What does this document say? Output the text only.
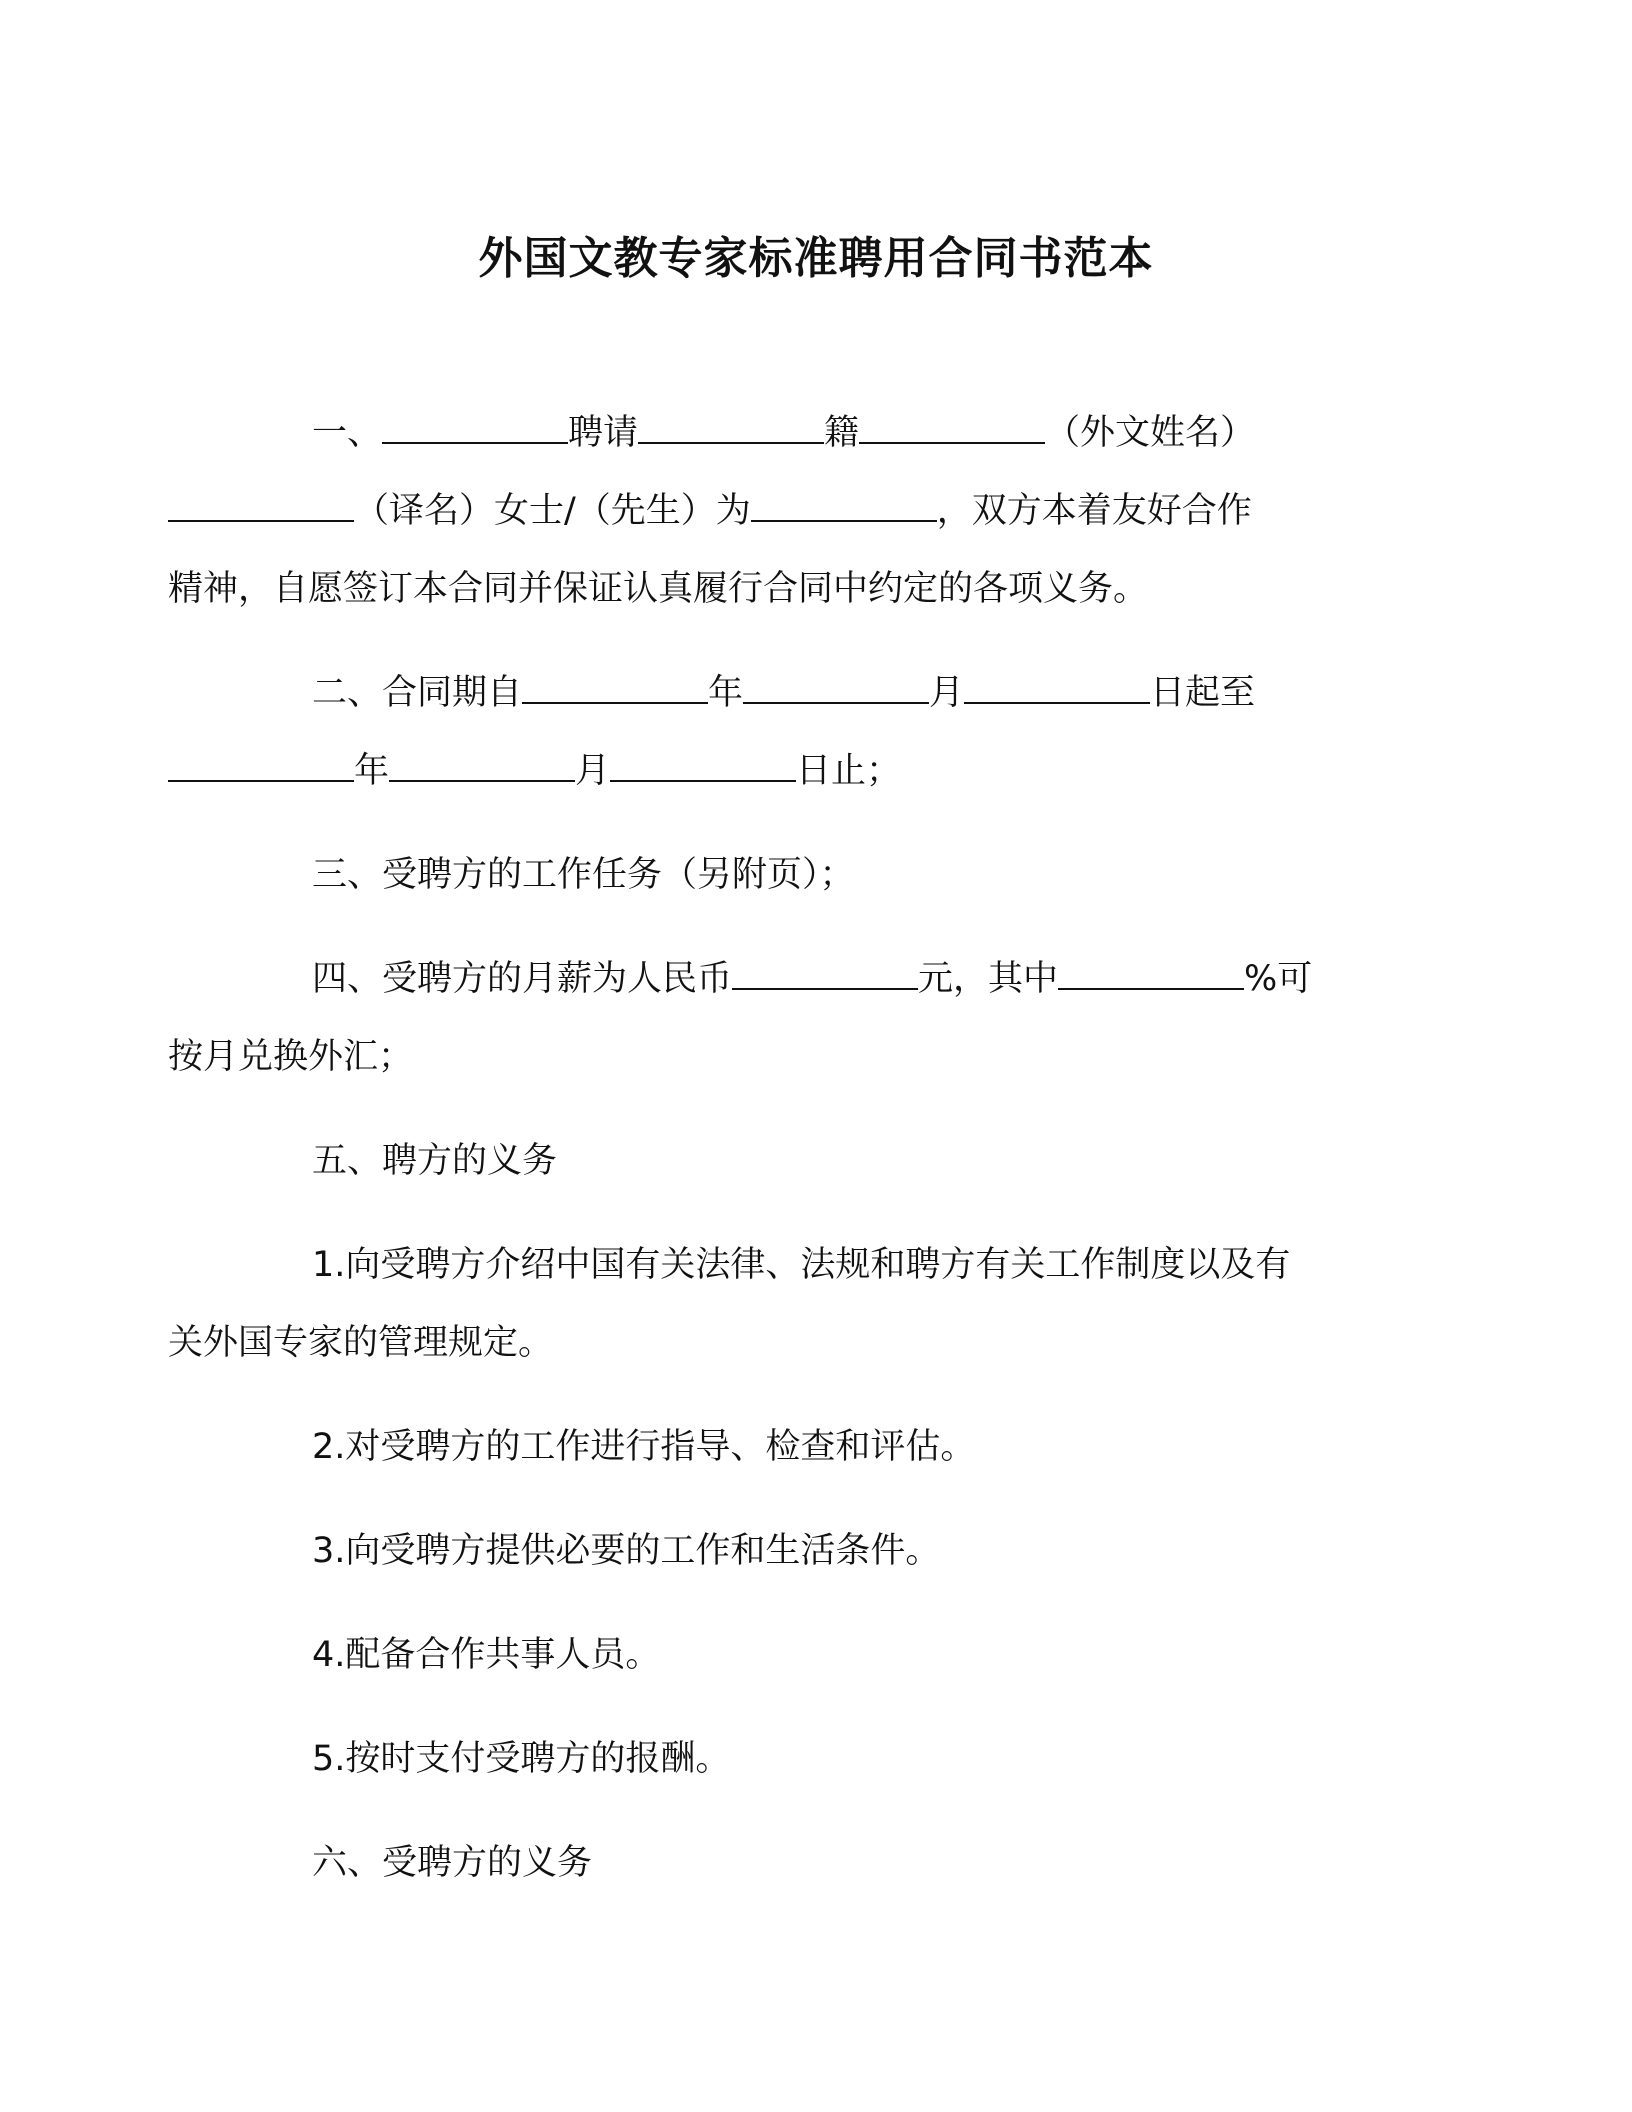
外国文教专家标准聘用合同书范本
一、	聘请	籍	（外文姓名）
（译名）女士/（先生）为	，双方本着友好合作
精神，自愿签订本合同并保证认真履行合同中约定的各项义务。
二、合同期自	年	月	日起至
年	月	日止；
三、受聘方的工作任务（另附页）；
四、受聘方的月薪为人民币	元，其中	%可
按月兑换外汇；
五、聘方的义务
1.向受聘方介绍中国有关法律、法规和聘方有关工作制度以及有
关外国专家的管理规定。
2.对受聘方的工作进行指导、检查和评估。
3.向受聘方提供必要的工作和生活条件。
4.配备合作共事人员。
5.按时支付受聘方的报酬。
六、受聘方的义务
